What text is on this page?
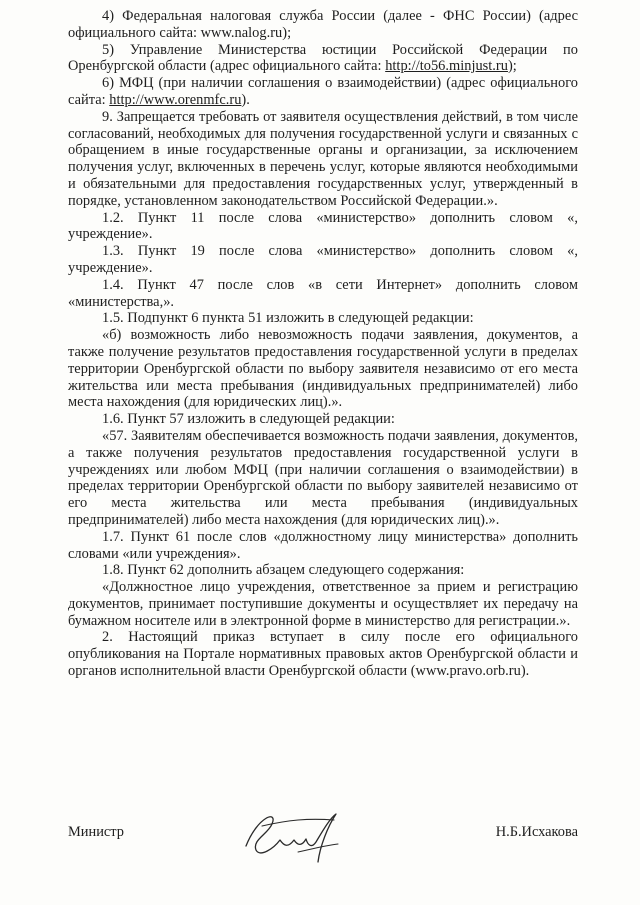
4) Федеральная налоговая служба России (далее - ФНС России) (адрес официального сайта: www.nalog.ru);

5) Управление Министерства юстиции Российской Федерации по Оренбургской области (адрес официального сайта: http://to56.minjust.ru);

6) МФЦ (при наличии соглашения о взаимодействии) (адрес официального сайта: http://www.orenmfc.ru).

9. Запрещается требовать от заявителя осуществления действий, в том числе согласований, необходимых для получения государственной услуги и связанных с обращением в иные государственные органы и организации, за исключением получения услуг, включенных в перечень услуг, которые являются необходимыми и обязательными для предоставления государственных услуг, утвержденный в порядке, установленном законодательством Российской Федерации.».

1.2. Пункт 11 после слова «министерство» дополнить словом «, учреждение».

1.3. Пункт 19 после слова «министерство» дополнить словом «, учреждение».

1.4. Пункт 47 после слов «в сети Интернет» дополнить словом «министерства,».

1.5. Подпункт 6 пункта 51 изложить в следующей редакции:

«б) возможность либо невозможность подачи заявления, документов, а также получение результатов предоставления государственной услуги в пределах территории Оренбургской области по выбору заявителя независимо от его места жительства или места пребывания (индивидуальных предпринимателей) либо места нахождения (для юридических лиц).».

1.6. Пункт 57 изложить в следующей редакции:

«57. Заявителям обеспечивается возможность подачи заявления, документов, а также получения результатов предоставления государственной услуги в учреждениях или любом МФЦ (при наличии соглашения о взаимодействии) в пределах территории Оренбургской области по выбору заявителей независимо от его места жительства или места пребывания (индивидуальных предпринимателей) либо места нахождения (для юридических лиц).».

1.7. Пункт 61 после слов «должностному лицу министерства» дополнить словами «или учреждения».

1.8. Пункт 62 дополнить абзацем следующего содержания:

«Должностное лицо учреждения, ответственное за прием и регистрацию документов, принимает поступившие документы и осуществляет их передачу на бумажном носителе или в электронной форме в министерство для регистрации.».

2. Настоящий приказ вступает в силу после его официального опубликования на Портале нормативных правовых актов Оренбургской области и органов исполнительной власти Оренбургской области (www.pravo.orb.ru).

Министр	Н.Б.Исхакова
